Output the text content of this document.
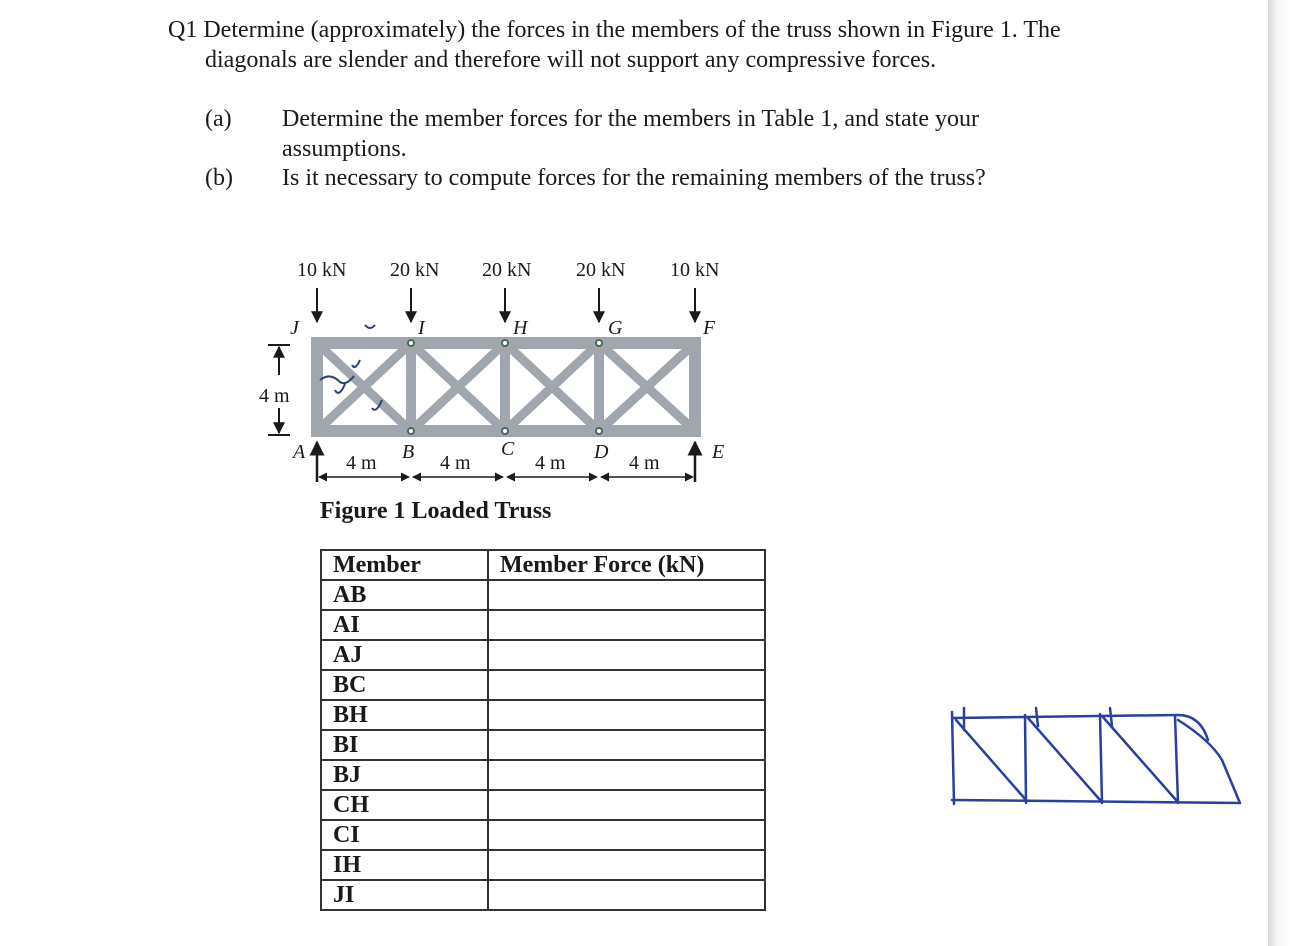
Q1 Determine (approximately) the forces in the members of the truss shown in Figure 1. The
diagonals are slender and therefore will not support any compressive forces.
(a) Determine the member forces for the members in Table 1, and state your
assumptions.
(b) Is it necessary to compute forces for the remaining members of the truss?
10 kN 20 kN 20 kN 20 kN 10 kN
J	I	H	G	F
4 m
A	B	C	D	E
4 m	4 m	4 m	4 m
Figure 1 Loaded Truss
Member	Member Force (kN)
AB	
AI	
AJ	
BC	
BH	
BI	
BJ	
CH	
CI	
IH	
JI	
